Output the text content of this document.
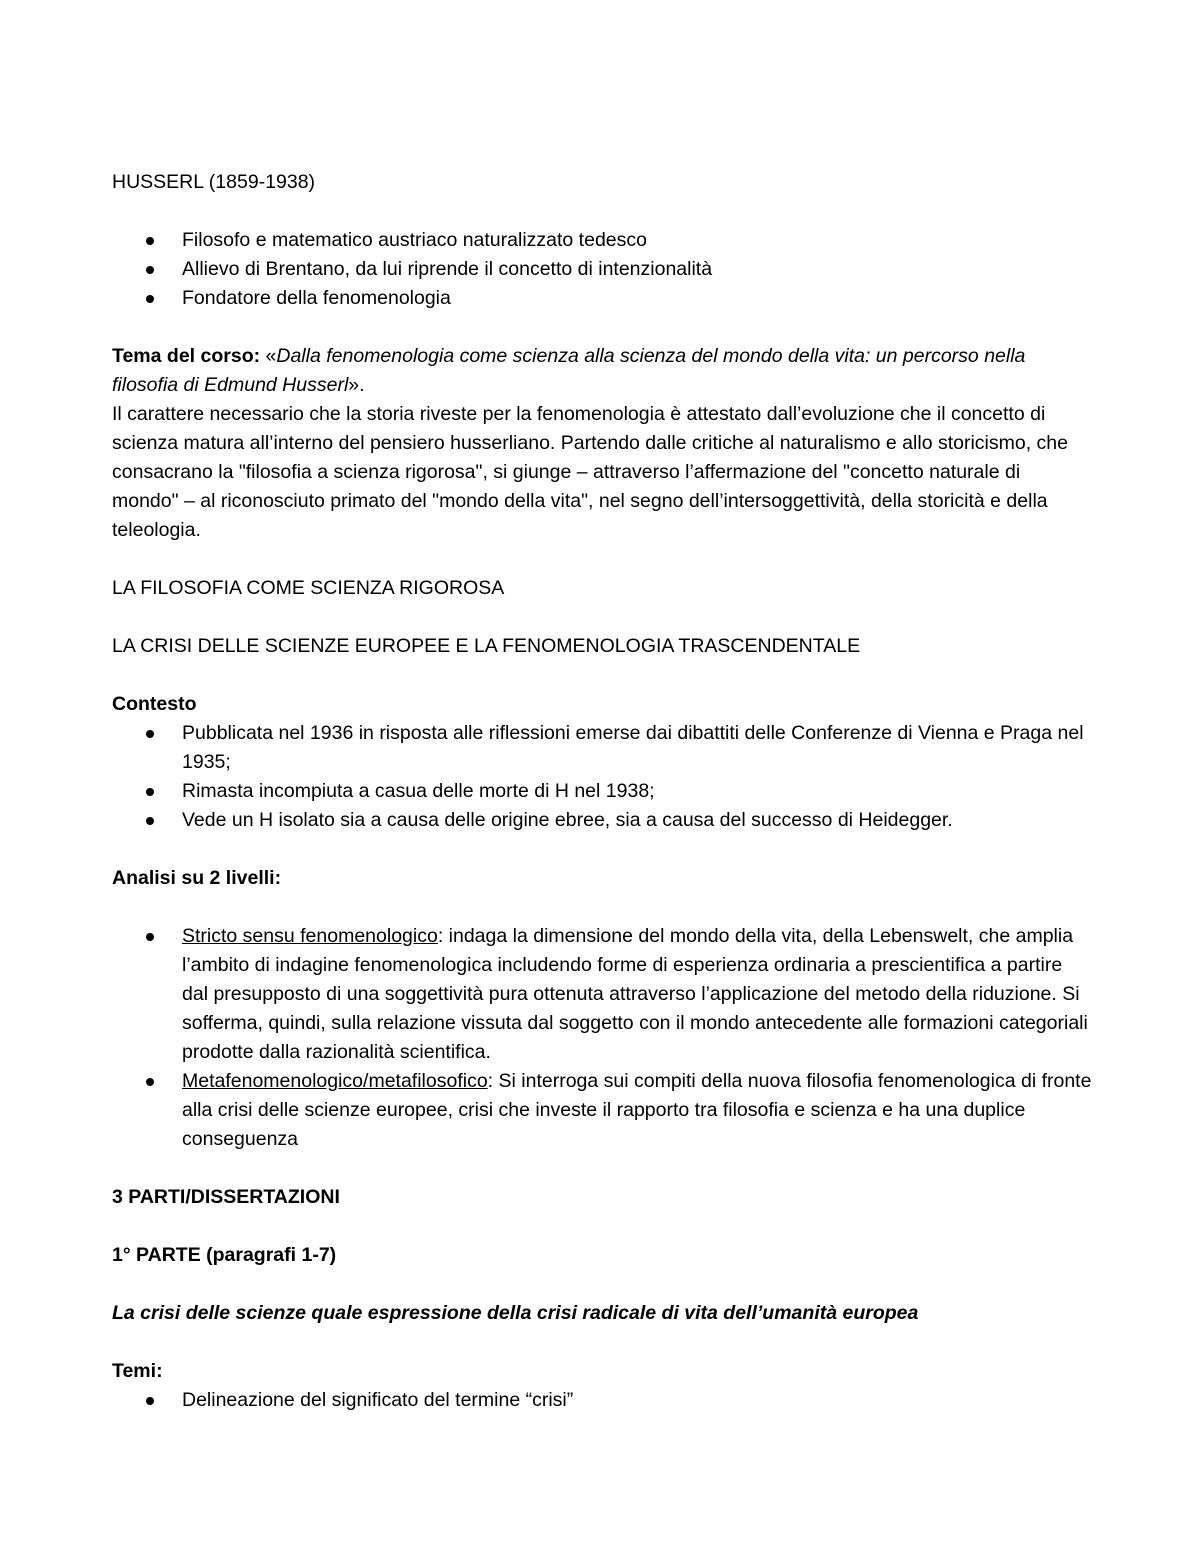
HUSSERL (1859-1938)

Filosofo e matematico austriaco naturalizzato tedesco
Allievo di Brentano, da lui riprende il concetto di intenzionalità
Fondatore della fenomenologia

Tema del corso: «Dalla fenomenologia come scienza alla scienza del mondo della vita: un percorso nella filosofia di Edmund Husserl».

Il carattere necessario che la storia riveste per la fenomenologia è attestato dall’evoluzione che il concetto di scienza matura all’interno del pensiero husserliano. Partendo dalle critiche al naturalismo e allo storicismo, che consacrano la "filosofia a scienza rigorosa", si giunge – attraverso l’affermazione del "concetto naturale di mondo" – al riconosciuto primato del "mondo della vita", nel segno dell’intersoggettività, della storicità e della teleologia.

LA FILOSOFIA COME SCIENZA RIGOROSA

LA CRISI DELLE SCIENZE EUROPEE E LA FENOMENOLOGIA TRASCENDENTALE

Contesto

Pubblicata nel 1936 in risposta alle riflessioni emerse dai dibattiti delle Conferenze di Vienna e Praga nel 1935;
Rimasta incompiuta a casua delle morte di H nel 1938;
Vede un H isolato sia a causa delle origine ebree, sia a causa del successo di Heidegger.

Analisi su 2 livelli:

Stricto sensu fenomenologico: indaga la dimensione del mondo della vita, della Lebenswelt, che amplia l’ambito di indagine fenomenologica includendo forme di esperienza ordinaria a prescientifica a partire dal presupposto di una soggettività pura ottenuta attraverso l’applicazione del metodo della riduzione. Si sofferma, quindi, sulla relazione vissuta dal soggetto con il mondo antecedente alle formazioni categoriali prodotte dalla razionalità scientifica.
Metafenomenologico/metafilosofico: Si interroga sui compiti della nuova filosofia fenomenologica di fronte alla crisi delle scienze europee, crisi che investe il rapporto tra filosofia e scienza e ha una duplice conseguenza

3 PARTI/DISSERTAZIONI

1° PARTE (paragrafi 1-7)

La crisi delle scienze quale espressione della crisi radicale di vita dell’umanità europea

Temi:

Delineazione del significato del termine “crisi”
